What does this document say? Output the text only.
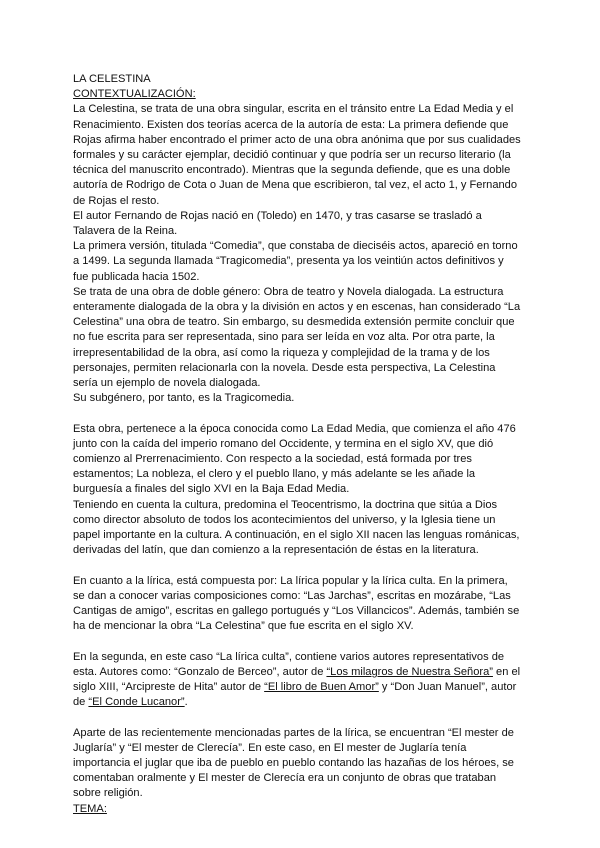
LA CELESTINA

CONTEXTUALIZACIÓN:

La Celestina, se trata de una obra singular, escrita en el tránsito entre La Edad Media y el Renacimiento. Existen dos teorías acerca de la autoría de esta: La primera defiende que Rojas afirma haber encontrado el primer acto de una obra anónima que por sus cualidades formales y su carácter ejemplar, decidió continuar y que podría ser un recurso literario (la técnica del manuscrito encontrado). Mientras que la segunda defiende, que es una doble autoría de Rodrigo de Cota o Juan de Mena que escribieron, tal vez, el acto 1, y Fernando de Rojas el resto.

El autor Fernando de Rojas nació en (Toledo) en 1470, y tras casarse se trasladó a Talavera de la Reina.

La primera versión, titulada “Comedia”, que constaba de dieciséis actos, apareció en torno a 1499. La segunda llamada “Tragicomedia”, presenta ya los veintiún actos definitivos y fue publicada hacia 1502.

Se trata de una obra de doble género: Obra de teatro y Novela dialogada. La estructura enteramente dialogada de la obra y la división en actos y en escenas, han considerado “La Celestina” una obra de teatro. Sin embargo, su desmedida extensión permite concluir que no fue escrita para ser representada, sino para ser leída en voz alta. Por otra parte, la irrepresentabilidad de la obra, así como la riqueza y complejidad de la trama y de los personajes, permiten relacionarla con la novela. Desde esta perspectiva, La Celestina sería un ejemplo de novela dialogada.

Su subgénero, por tanto, es la Tragicomedia.

Esta obra, pertenece a la época conocida como La Edad Media, que comienza el año 476 junto con la caída del imperio romano del Occidente, y termina en el siglo XV, que dió comienzo al Prerrenacimiento. Con respecto a la sociedad, está formada por tres estamentos; La nobleza, el clero y el pueblo llano, y más adelante se les añade la burguesía a finales del siglo XVI en la Baja Edad Media.

Teniendo en cuenta la cultura, predomina el Teocentrismo, la doctrina que sitúa a Dios como director absoluto de todos los acontecimientos del universo, y la Iglesia tiene un papel importante en la cultura. A continuación, en el siglo XII nacen las lenguas románicas, derivadas del latín, que dan comienzo a la representación de éstas en la literatura.

En cuanto a la lírica, está compuesta por: La lírica popular y la lírica culta. En la primera, se dan a conocer varias composiciones como: “Las Jarchas”, escritas en mozárabe, “Las Cantigas de amigo”, escritas en gallego portugués y “Los Villancicos”. Además, también se ha de mencionar la obra “La Celestina” que fue escrita en el siglo XV.

En la segunda, en este caso “La lírica culta”, contiene varios autores representativos de esta. Autores como: “Gonzalo de Berceo”, autor de “Los milagros de Nuestra Señora” en el siglo XIII, “Arcipreste de Hita” autor de “El libro de Buen Amor” y “Don Juan Manuel”, autor de “El Conde Lucanor”.

Aparte de las recientemente mencionadas partes de la lírica, se encuentran “El mester de Juglaría” y “El mester de Clerecía”. En este caso, en El mester de Juglaría tenía importancia el juglar que iba de pueblo en pueblo contando las hazañas de los héroes, se comentaban oralmente y El mester de Clerecía era un conjunto de obras que trataban sobre religión.

TEMA:
